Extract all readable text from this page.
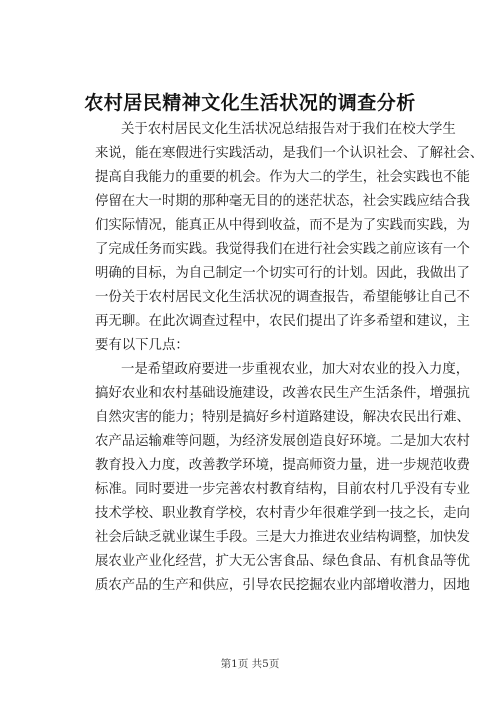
农村居民精神文化生活状况的调查分析
关于农村居民文化生活状况总结报告对于我们在校大学生
来说，能在寒假进行实践活动，是我们一个认识社会、了解社会、
提高自我能力的重要的机会。作为大二的学生，社会实践也不能
停留在大一时期的那种毫无目的的迷茫状态，社会实践应结合我
们实际情况，能真正从中得到收益，而不是为了实践而实践，为
了完成任务而实践。我觉得我们在进行社会实践之前应该有一个
明确的目标，为自己制定一个切实可行的计划。因此，我做出了
一份关于农村居民文化生活状况的调查报告，希望能够让自己不
再无聊。在此次调查过程中，农民们提出了许多希望和建议，主
要有以下几点：
一是希望政府要进一步重视农业，加大对农业的投入力度，
搞好农业和农村基础设施建设，改善农民生产生活条件，增强抗
自然灾害的能力；特别是搞好乡村道路建设，解决农民出行难、
农产品运输难等问题，为经济发展创造良好环境。二是加大农村
教育投入力度，改善教学环境，提高师资力量，进一步规范收费
标准。同时要进一步完善农村教育结构，目前农村几乎没有专业
技术学校、职业教育学校，农村青少年很难学到一技之长，走向
社会后缺乏就业谋生手段。三是大力推进农业结构调整，加快发
展农业产业化经营，扩大无公害食品、绿色食品、有机食品等优
质农产品的生产和供应，引导农民挖掘农业内部增收潜力，因地
第1页 共5页
